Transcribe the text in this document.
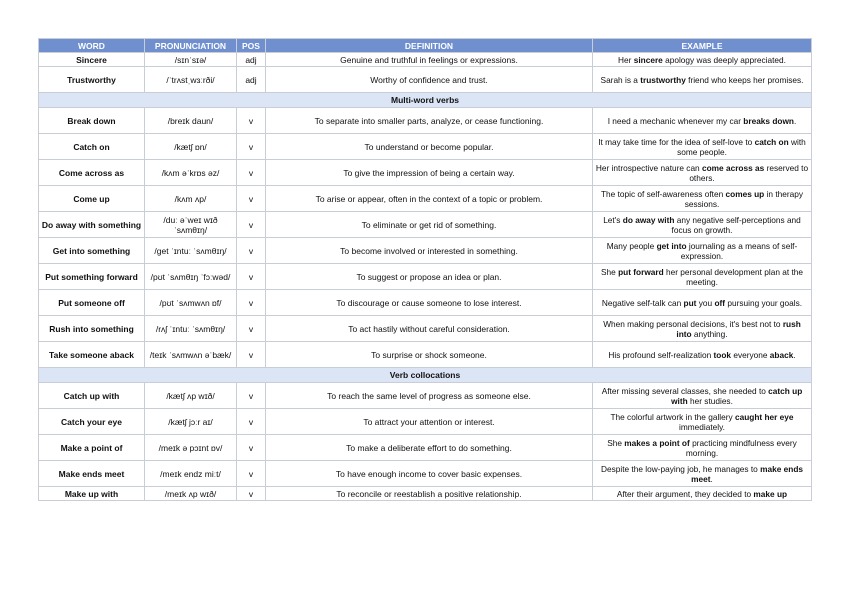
WORD	PRONUNCIATION	POS	DEFINITION	EXAMPLE
Sincere	/sɪnˈsɪə/	adj	Genuine and truthful in feelings or expressions.	Her sincere apology was deeply appreciated.
Trustworthy	/ˈtrʌstˌwɜːrði/	adj	Worthy of confidence and trust.	Sarah is a trustworthy friend who keeps her promises.
Multi-word verbs				
Break down	/breɪk daun/	v	To separate into smaller parts, analyze, or cease functioning.	I need a mechanic whenever my car breaks down.
Catch on	/kætʃ ɒn/	v	To understand or become popular.	It may take time for the idea of self-love to catch on with some people.
Come across as	/kʌm əˈkrɒs əz/	v	To give the impression of being a certain way.	Her introspective nature can come across as reserved to others.
Come up	/kʌm ʌp/	v	To arise or appear, often in the context of a topic or problem.	The topic of self-awareness often comes up in therapy sessions.
Do away with something	/duː əˈweɪ wɪð ˈsʌmθɪŋ/	v	To eliminate or get rid of something.	Let's do away with any negative self-perceptions and focus on growth.
Get into something	/ɡet ˈɪntuː ˈsʌmθɪŋ/	v	To become involved or interested in something.	Many people get into journaling as a means of self-expression.
Put something forward	/pʊt ˈsʌmθɪŋ ˈfɔːwəd/	v	To suggest or propose an idea or plan.	She put forward her personal development plan at the meeting.
Put someone off	/pʊt ˈsʌmwʌn ɒf/	v	To discourage or cause someone to lose interest.	Negative self-talk can put you off pursuing your goals.
Rush into something	/rʌʃ ˈɪntuː ˈsʌmθɪŋ/	v	To act hastily without careful consideration.	When making personal decisions, it's best not to rush into anything.
Take someone aback	/teɪk ˈsʌmwʌn əˈbæk/	v	To surprise or shock someone.	His profound self-realization took everyone aback.
Verb collocations				
Catch up with	/kætʃ ʌp wɪð/	v	To reach the same level of progress as someone else.	After missing several classes, she needed to catch up with her studies.
Catch your eye	/kætʃ jɔːr aɪ/	v	To attract your attention or interest.	The colorful artwork in the gallery caught her eye immediately.
Make a point of	/meɪk ə pɔɪnt ɒv/	v	To make a deliberate effort to do something.	She makes a point of practicing mindfulness every morning.
Make ends meet	/meɪk endz miːt/	v	To have enough income to cover basic expenses.	Despite the low-paying job, he manages to make ends meet.
Make up with	/meɪk ʌp wɪð/	v	To reconcile or reestablish a positive relationship.	After their argument, they decided to make up
